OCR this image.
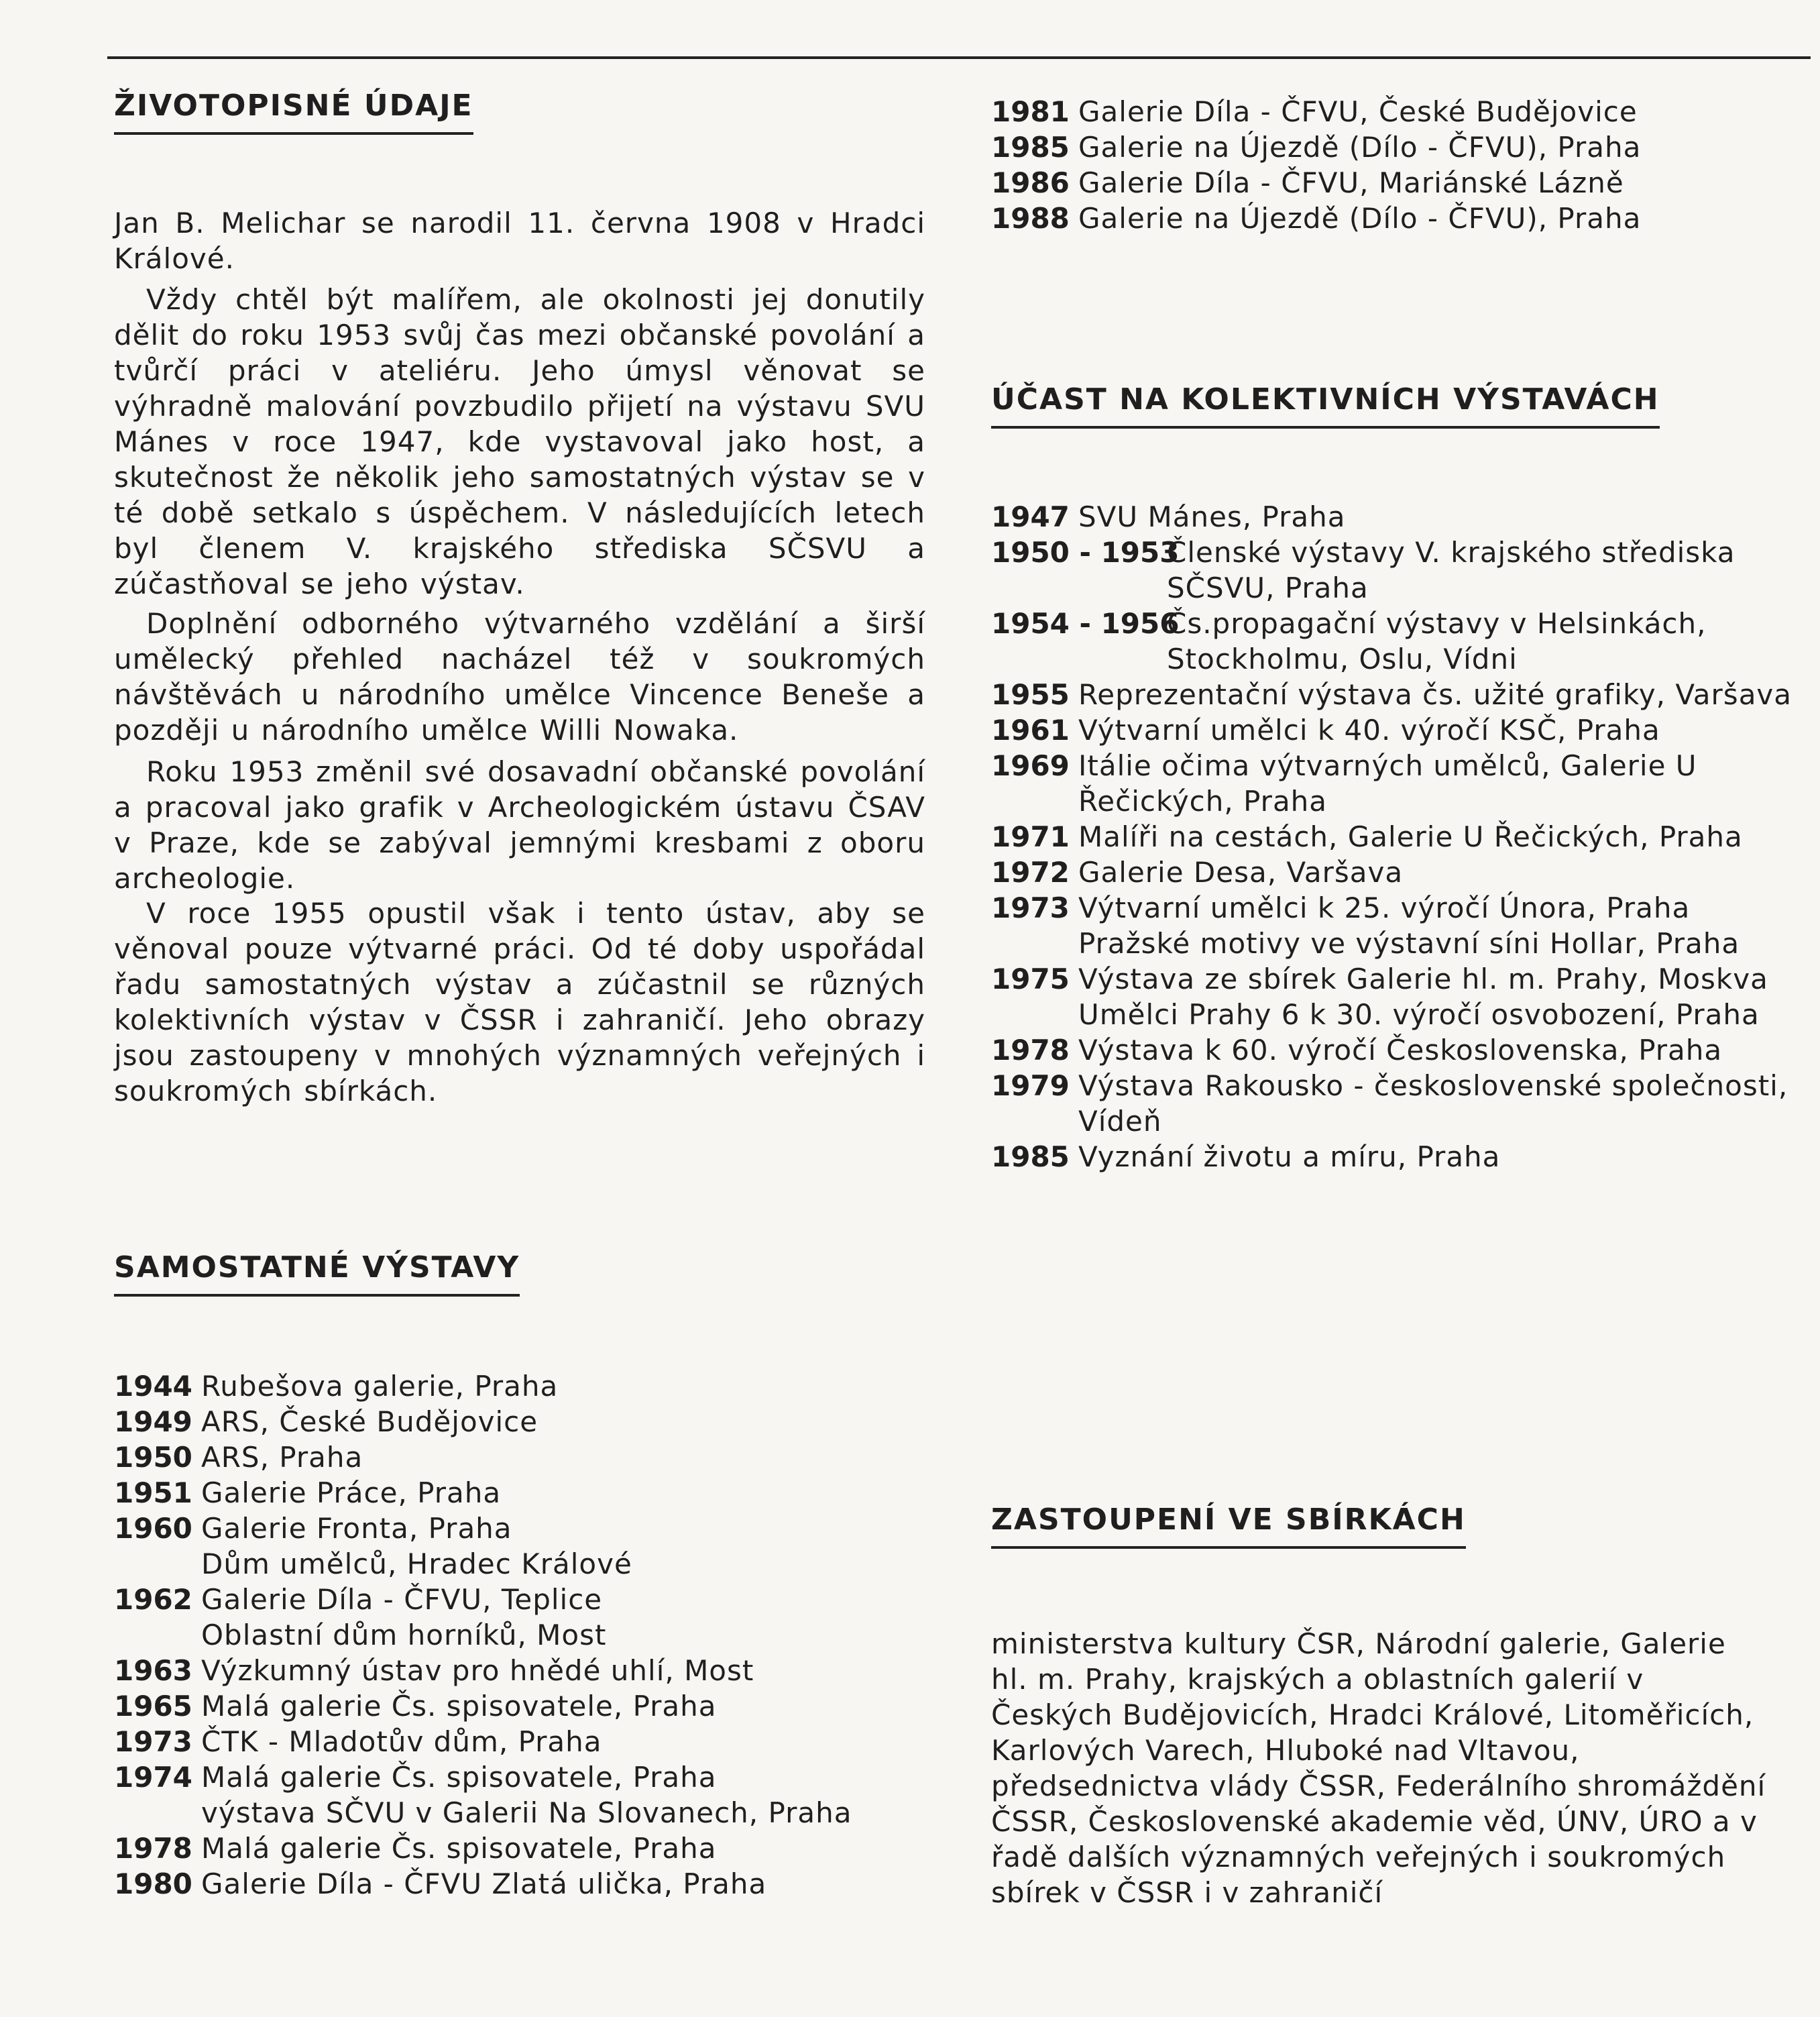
ŽIVOTOPISNÉ ÚDAJE

Jan B. Melichar se narodil 11. června 1908 v Hradci Králové.

Vždy chtěl být malířem, ale okolnosti jej donutily dělit do roku 1953 svůj čas mezi občanské povolání a tvůrčí práci v ateliéru. Jeho úmysl věnovat se výhradně malování povzbudilo přijetí na výstavu SVU Mánes v roce 1947, kde vystavoval jako host, a skutečnost že několik jeho samostatných výstav se v té době setkalo s úspěchem. V následujících letech byl členem V. krajského střediska SČSVU a zúčastňoval se jeho výstav.

Doplnění odborného výtvarného vzdělání a širší umělecký přehled nacházel též v soukromých návštěvách u národního umělce Vincence Beneše a později u národního umělce Willi Nowaka.

Roku 1953 změnil své dosavadní občanské povolání a pracoval jako grafik v Archeologickém ústavu ČSAV v Praze, kde se zabýval jemnými kresbami z oboru archeologie.

V roce 1955 opustil však i tento ústav, aby se věnoval pouze výtvarné práci. Od té doby uspořádal řadu samostatných výstav a zúčastnil se různých kolektivních výstav v ČSSR i zahraničí. Jeho obrazy jsou zastoupeny v mnohých významných veřejných i soukromých sbírkách.

SAMOSTATNÉ VÝSTAVY
1944 Rubešova galerie, Praha
1949 ARS, České Budějovice
1950 ARS, Praha
1951 Galerie Práce, Praha
1960 Galerie Fronta, Praha
Dům umělců, Hradec Králové
1962 Galerie Díla - ČFVU, Teplice
Oblastní dům horníků, Most
1963 Výzkumný ústav pro hnědé uhlí, Most
1965 Malá galerie Čs. spisovatele, Praha
1973 ČTK - Mladotův dům, Praha
1974 Malá galerie Čs. spisovatele, Praha
výstava SČVU v Galerii Na Slovanech, Praha
1978 Malá galerie Čs. spisovatele, Praha
1980 Galerie Díla - ČFVU Zlatá ulička, Praha
1981 Galerie Díla - ČFVU, České Budějovice
1985 Galerie na Újezdě (Dílo - ČFVU), Praha
1986 Galerie Díla - ČFVU, Mariánské Lázně
1988 Galerie na Újezdě (Dílo - ČFVU), Praha
ÚČAST NA KOLEKTIVNÍCH VÝSTAVÁCH
1947 SVU Mánes, Praha
1950 - 1953
Členské výstavy V. krajského střediska SČSVU, Praha
1954 - 1956
Čs.propagační výstavy v Helsinkách, Stockholmu, Oslu, Vídni
1955 Reprezentační výstava čs. užité grafiky, Varšava
1961 Výtvarní umělci k 40. výročí KSČ, Praha
1969 Itálie očima výtvarných umělců, Galerie U Řečických, Praha
1971 Malíři na cestách, Galerie U Řečických, Praha
1972 Galerie Desa, Varšava
1973 Výtvarní umělci k 25. výročí Února, Praha
Pražské motivy ve výstavní síni Hollar, Praha
1975 Výstava ze sbírek Galerie hl. m. Prahy, Moskva
Umělci Prahy 6 k 30. výročí osvobození, Praha
1978 Výstava k 60. výročí Československa, Praha
1979 Výstava Rakousko - československé společnosti, Vídeň
1985 Vyznání životu a míru, Praha
ZASTOUPENÍ VE SBÍRKÁCH

ministerstva kultury ČSR, Národní galerie, Galerie hl. m. Prahy, krajských a oblastních galerií v Českých Budějovicích, Hradci Králové, Litoměřicích, Karlových Varech, Hluboké nad Vltavou, předsednictva vlády ČSSR, Federálního shromáždění ČSSR, Československé akademie věd, ÚNV, ÚRO a v řadě dalších významných veřejných i soukromých sbírek v ČSSR i v zahraničí
